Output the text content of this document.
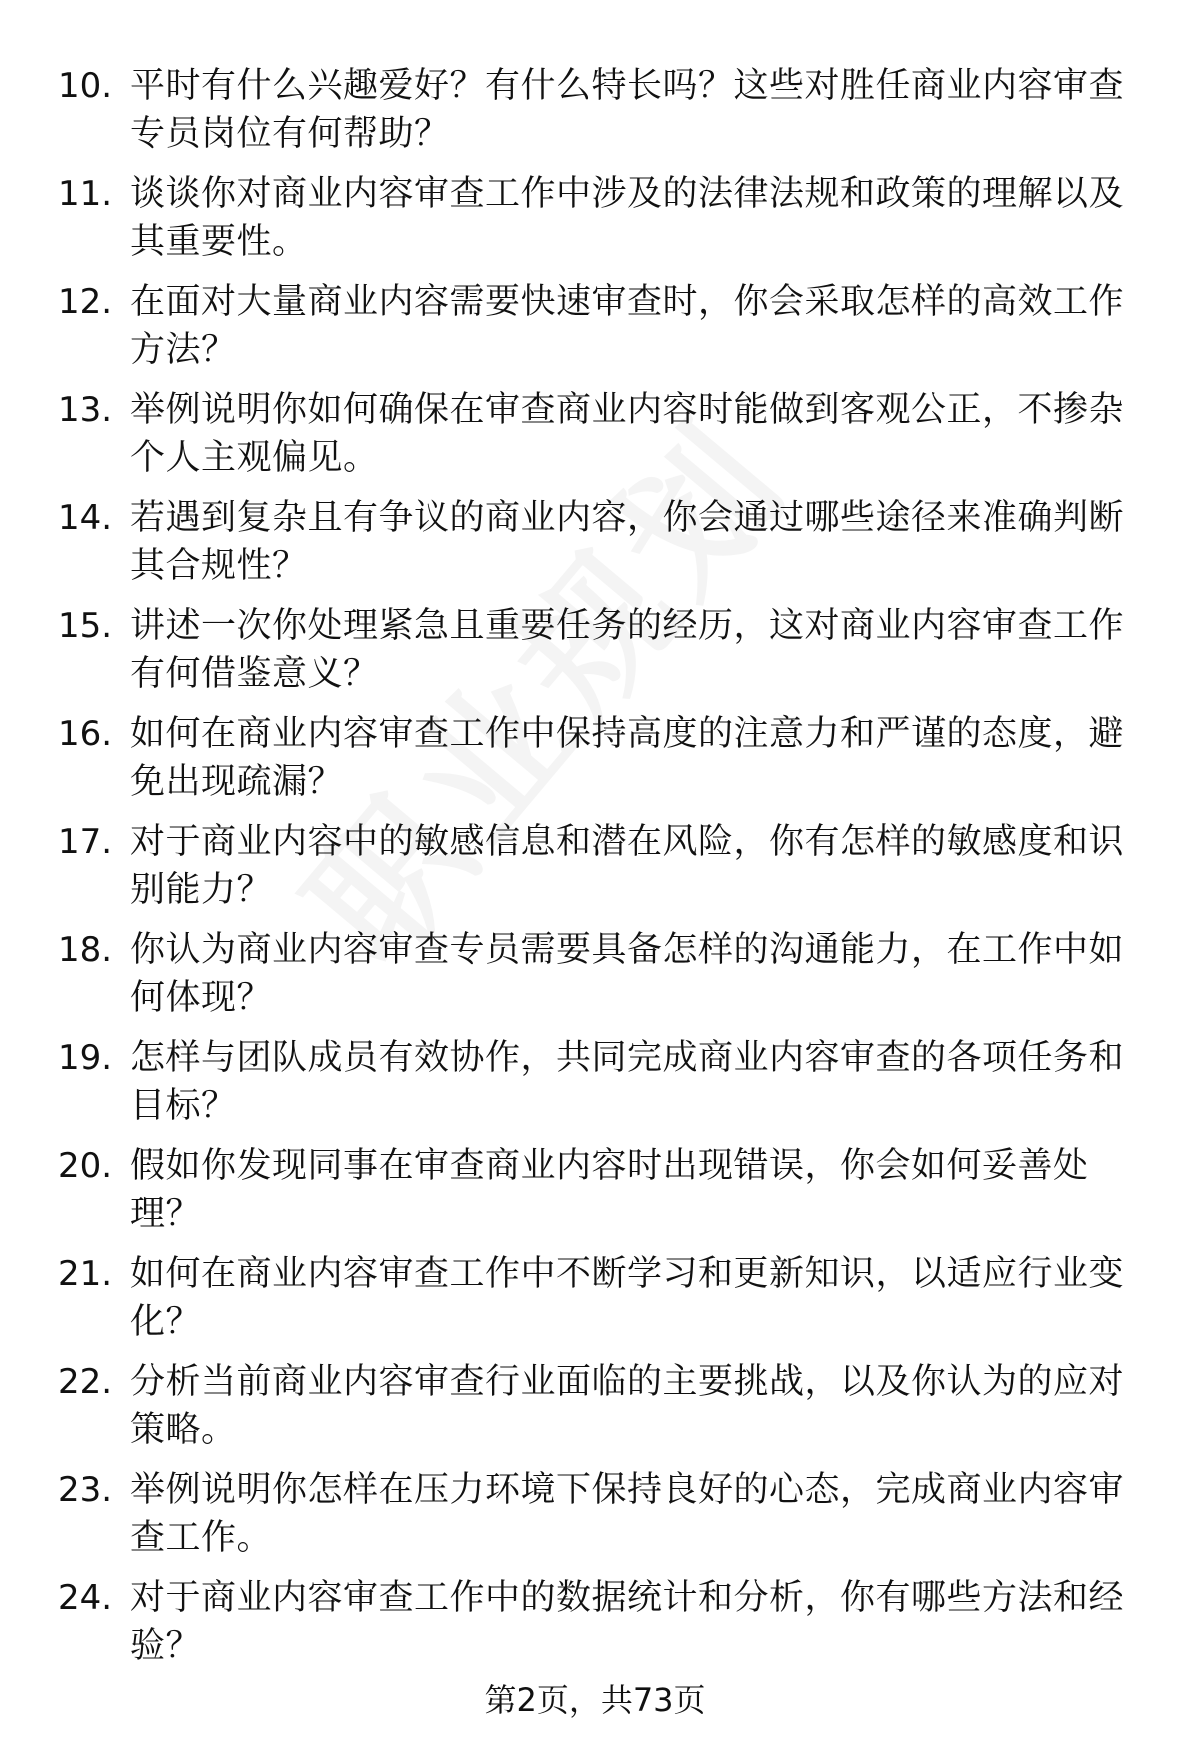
10. 平时有什么兴趣爱好？有什么特长吗？这些对胜任商业内容审查专员岗位有何帮助？
11. 谈谈你对商业内容审查工作中涉及的法律法规和政策的理解以及其重要性。
12. 在面对大量商业内容需要快速审查时，你会采取怎样的高效工作方法？
13. 举例说明你如何确保在审查商业内容时能做到客观公正，不掺杂个人主观偏见。
14. 若遇到复杂且有争议的商业内容，你会通过哪些途径来准确判断其合规性？
15. 讲述一次你处理紧急且重要任务的经历，这对商业内容审查工作有何借鉴意义？
16. 如何在商业内容审查工作中保持高度的注意力和严谨的态度，避免出现疏漏？
17. 对于商业内容中的敏感信息和潜在风险，你有怎样的敏感度和识别能力？
18. 你认为商业内容审查专员需要具备怎样的沟通能力，在工作中如何体现？
19. 怎样与团队成员有效协作，共同完成商业内容审查的各项任务和目标？
20. 假如你发现同事在审查商业内容时出现错误，你会如何妥善处理？
21. 如何在商业内容审查工作中不断学习和更新知识，以适应行业变化？
22. 分析当前商业内容审查行业面临的主要挑战，以及你认为的应对策略。
23. 举例说明你怎样在压力环境下保持良好的心态，完成商业内容审查工作。
24. 对于商业内容审查工作中的数据统计和分析，你有哪些方法和经验？
第2页，共73页
